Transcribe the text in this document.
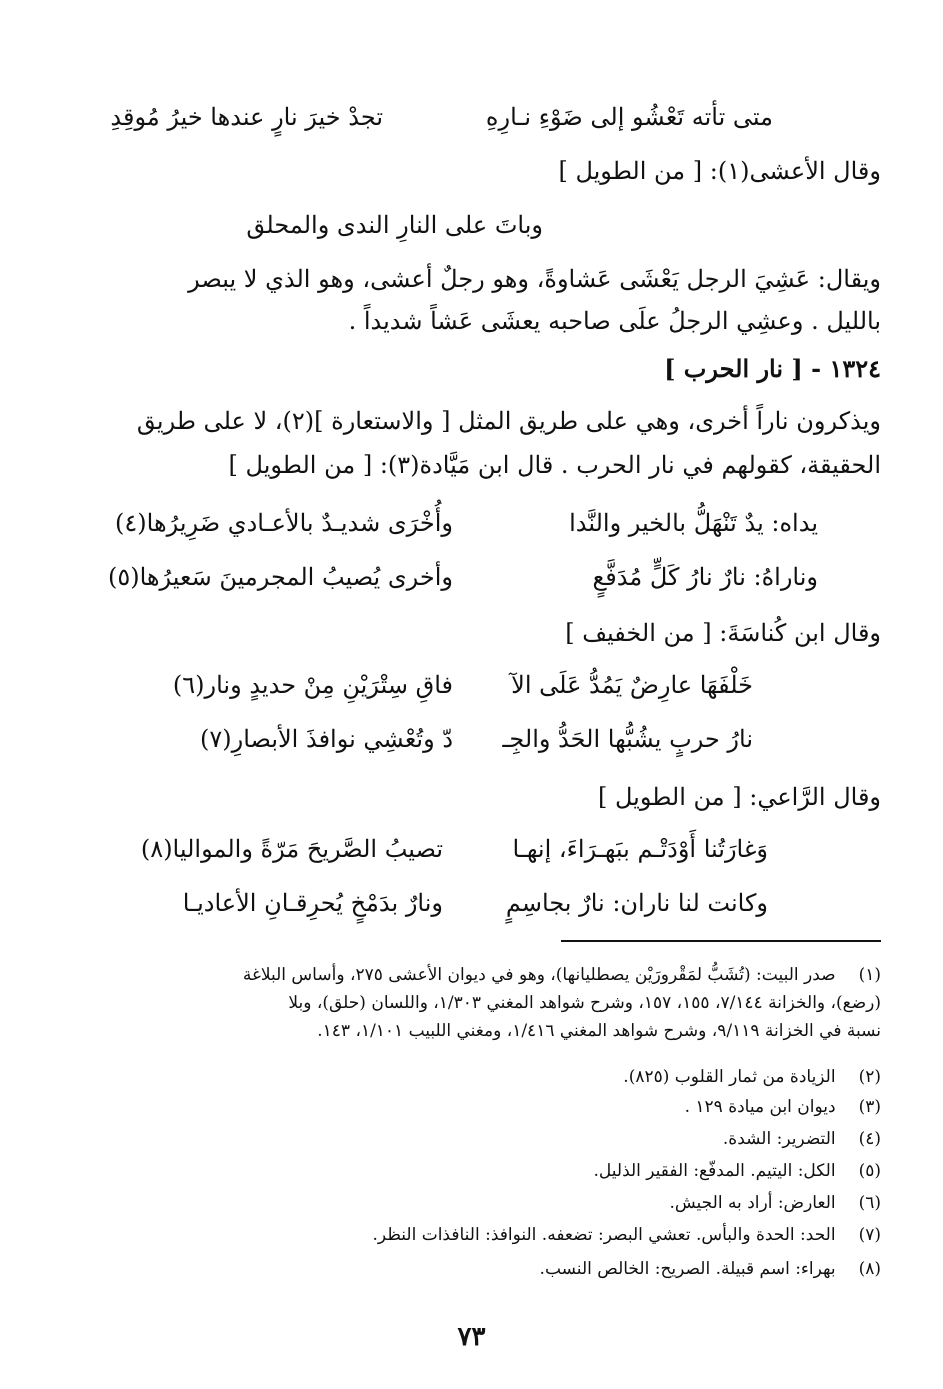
متى تأته تَعْشُو إلى ضَوْءِ نـارِهِ
تجدْ خيرَ نارٍ عندها خيرُ مُوقِدِ
وقال الأعشى(١): [ من الطويل ]
وباتَ على النارِ الندى والمحلق
ويقال: عَشِيَ الرجل يَعْشَى عَشاوةً، وهو رجلٌ أعشى، وهو الذي لا يبصر
بالليل . وعشِي الرجلُ علَى صاحبه يعشَى عَشاً شديداً .
١٣٢٤ - [ نار الحرب ]
ويذكرون ناراً أخرى، وهي على طريق المثل [ والاستعارة ](٢)، لا على طريق
الحقيقة، كقولهم في نار الحرب . قال ابن مَيَّادة(٣): [ من الطويل ]
يداه: يدٌ تَنْهَلُّ بالخير والنَّدا
وأُخْرَى شديـدٌ بالأعـادي ضَرِيرُها(٤)
وناراهُ: نارٌ نارُ كَلٍّ مُدَفَّعٍ
وأخرى يُصيبُ المجرمينَ سَعيرُها(٥)
وقال ابن كُناسَةَ: [ من الخفيف ]
خَلْفَهَا عارِضٌ يَمُدُّ عَلَى الآ
فاقِ سِتْرَيْنِ مِنْ حديدٍ ونار(٦)
نارُ حربٍ يشُبُّها الحَدُّ والجِـ
دّ وتُعْشِي نوافذَ الأبصارِ(٧)
وقال الرَّاعي: [ من الطويل ]
وَغارَتُنا أَوْدَتْـم ببَهـرَاءَ، إنهـا
تصيبُ الصَّريحَ مَرّةً والمواليا(٨)
وكانت لنا ناران: نارٌ بجاسِمٍ
ونارٌ بدَمْخٍ يُحرِقـانِ الأعاديـا
(١) صدر البيت: (تُشَبُّ لمَقْرورَيْن يصطليانها)، وهو في ديوان الأعشى ٢٧٥، وأساس البلاغة
(رضع)، والخزانة ٧/١٤٤، ١٥٥، ١٥٧، وشرح شواهد المغني ١/٣٠٣، واللسان (حلق)، وبلا
نسبة في الخزانة ٩/١١٩، وشرح شواهد المغني ١/٤١٦، ومغني اللبيب ١/١٠١، ١٤٣.
(٢) الزيادة من ثمار القلوب (٨٢٥).
(٣) ديوان ابن ميادة ١٢٩ .
(٤) التضرير: الشدة.
(٥) الكل: اليتيم. المدفّع: الفقير الذليل.
(٦) العارض: أراد به الجيش.
(٧) الحد: الحدة والبأس. تعشي البصر: تضعفه. النوافذ: النافذات النظر.
(٨) بهراء: اسم قبيلة. الصريح: الخالص النسب.
٧٣
